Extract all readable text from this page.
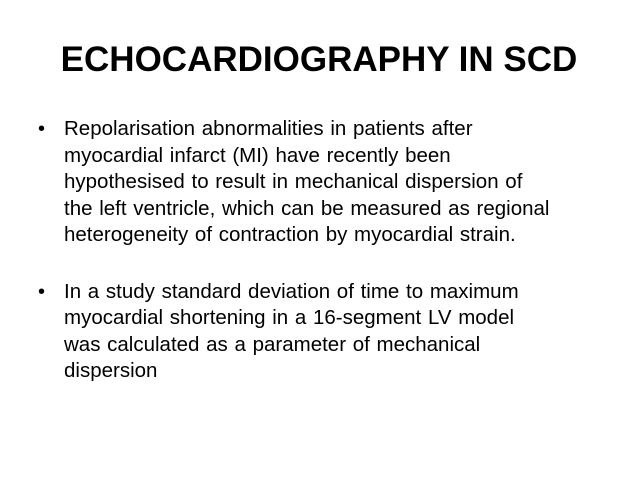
ECHOCARDIOGRAPHY IN SCD
• Repolarisation abnormalities in patients after
myocardial infarct (MI) have recently been
hypothesised to result in mechanical dispersion of
the left ventricle, which can be measured as regional
heterogeneity of contraction by myocardial strain.
• In a study standard deviation of time to maximum
myocardial shortening in a 16-segment LV model
was calculated as a parameter of mechanical
dispersion
